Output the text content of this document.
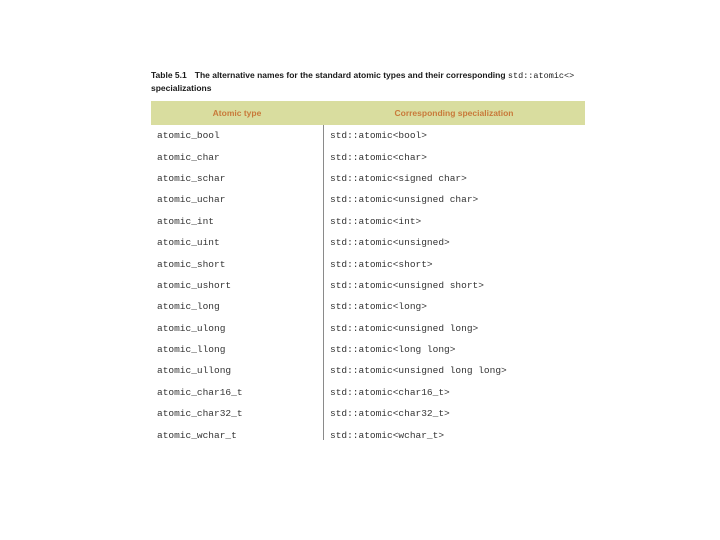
Table 5.1 The alternative names for the standard atomic types and their corresponding std::atomic<>
specializations
Atomic type	Corresponding specialization
atomic_bool	std::atomic<bool>
atomic_char	std::atomic<char>
atomic_schar	std::atomic<signed char>
atomic_uchar	std::atomic<unsigned char>
atomic_int	std::atomic<int>
atomic_uint	std::atomic<unsigned>
atomic_short	std::atomic<short>
atomic_ushort	std::atomic<unsigned short>
atomic_long	std::atomic<long>
atomic_ulong	std::atomic<unsigned long>
atomic_llong	std::atomic<long long>
atomic_ullong	std::atomic<unsigned long long>
atomic_char16_t	std::atomic<char16_t>
atomic_char32_t	std::atomic<char32_t>
atomic_wchar_t	std::atomic<wchar_t>
